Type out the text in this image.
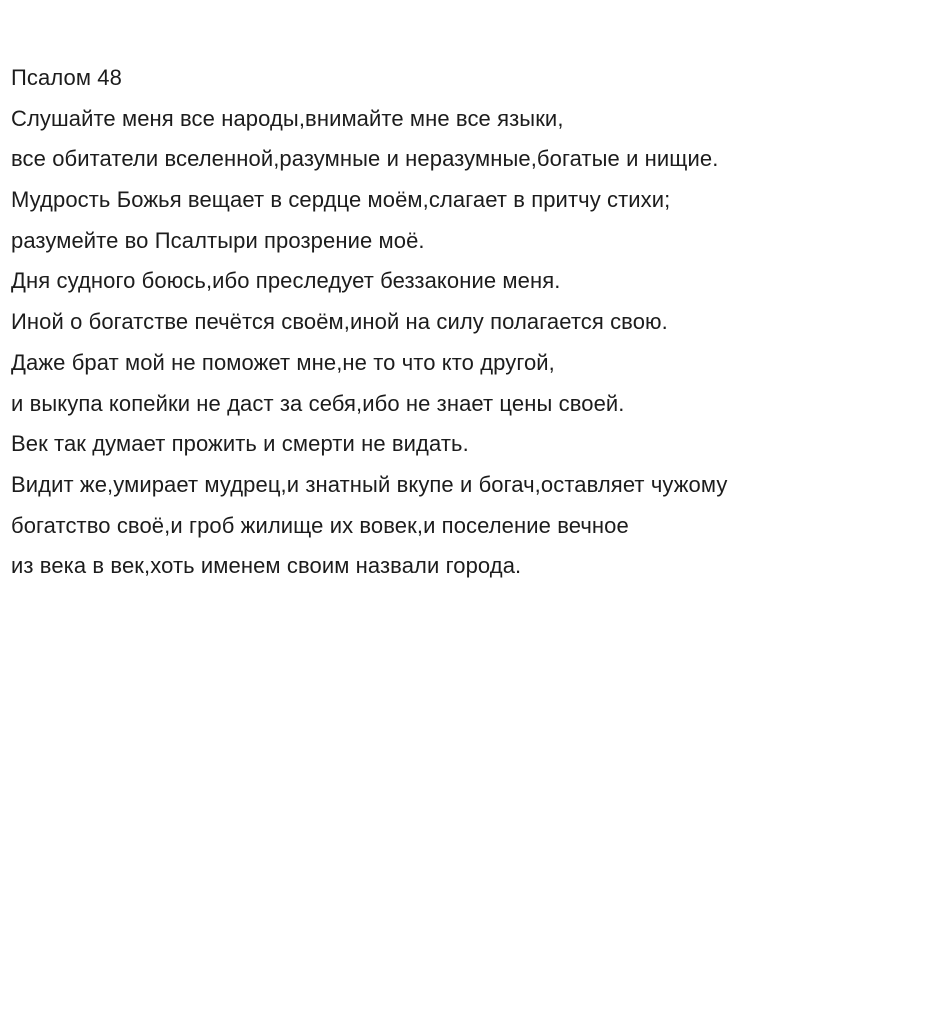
Псалом 48
Слушайте меня все народы,внимайте мне все языки,
все обитатели вселенной,разумные и неразумные,богатые и нищие.
Мудрость Божья вещает в сердце моём,слагает в притчу стихи;
разумейте во Псалтыри прозрение моё.
Дня судного боюсь,ибо преследует беззаконие меня.
Иной о богатстве печётся своём,иной на силу полагается свою.
Даже брат мой не поможет мне,не то что кто другой,
и выкупа копейки не даст за себя,ибо не знает цены своей.
Век так думает прожить и смерти не видать.
Видит же,умирает мудрец,и знатный вкупе и богач,оставляет чужому
богатство своё,и гроб жилище их вовек,и поселение вечное
из века в век,хоть именем своим назвали города.
